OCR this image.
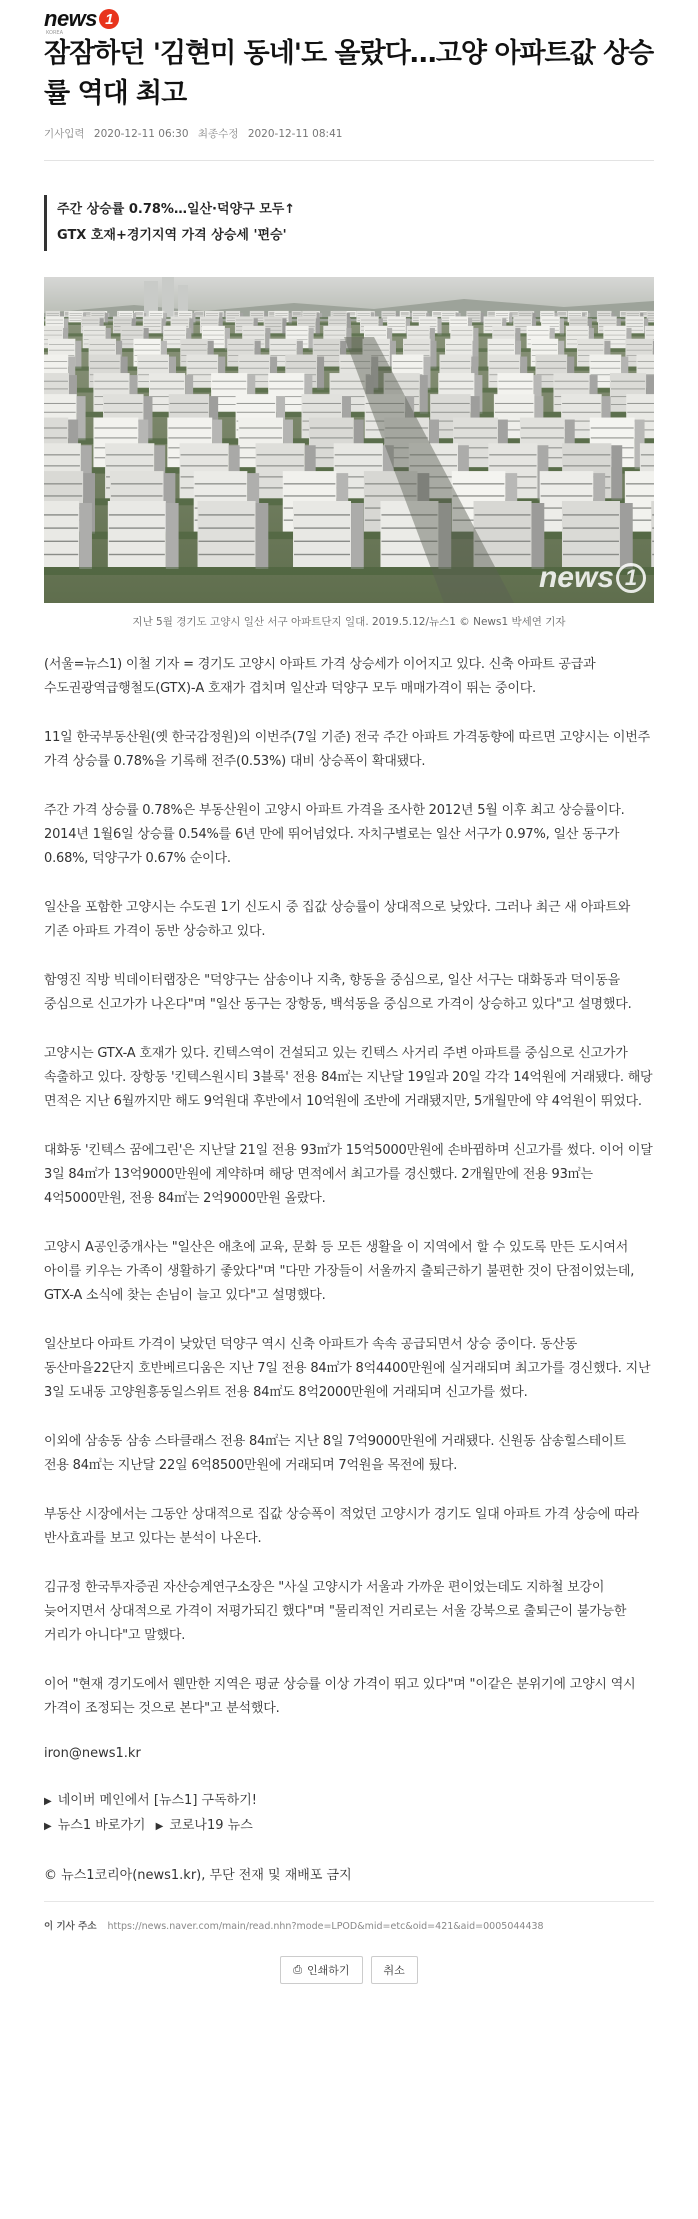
news 1
KOREA
잠잠하던 '김현미 동네'도 올랐다…고양 아파트값 상승률 역대 최고
기사입력 2020-12-11 06:30 최종수정 2020-12-11 08:41

주간 상승률 0.78%…일산·덕양구 모두↑

GTX 호재+경기지역 가격 상승세 '편승'

news 1
지난 5월 경기도 고양시 일산 서구 아파트단지 일대. 2019.5.12/뉴스1 © News1 박세연 기자

(서울=뉴스1) 이철 기자 = 경기도 고양시 아파트 가격 상승세가 이어지고 있다. 신축 아파트 공급과 수도권광역급행철도(GTX)-A 호재가 겹치며 일산과 덕양구 모두 매매가격이 뛰는 중이다.

11일 한국부동산원(옛 한국감정원)의 이번주(7일 기준) 전국 주간 아파트 가격동향에 따르면 고양시는 이번주 가격 상승률 0.78%을 기록해 전주(0.53%) 대비 상승폭이 확대됐다.

주간 가격 상승률 0.78%은 부동산원이 고양시 아파트 가격을 조사한 2012년 5월 이후 최고 상승률이다. 2014년 1월6일 상승률 0.54%를 6년 만에 뛰어넘었다. 자치구별로는 일산 서구가 0.97%, 일산 동구가 0.68%, 덕양구가 0.67% 순이다.

일산을 포함한 고양시는 수도권 1기 신도시 중 집값 상승률이 상대적으로 낮았다. 그러나 최근 새 아파트와 기존 아파트 가격이 동반 상승하고 있다.

함영진 직방 빅데이터랩장은 "덕양구는 삼송이나 지축, 향동을 중심으로, 일산 서구는 대화동과 덕이동을 중심으로 신고가가 나온다"며 "일산 동구는 장항동, 백석동을 중심으로 가격이 상승하고 있다"고 설명했다.

고양시는 GTX-A 호재가 있다. 킨텍스역이 건설되고 있는 킨텍스 사거리 주변 아파트를 중심으로 신고가가 속출하고 있다. 장항동 '킨텍스원시티 3블록' 전용 84㎡는 지난달 19일과 20일 각각 14억원에 거래됐다. 해당 면적은 지난 6월까지만 해도 9억원대 후반에서 10억원에 조반에 거래됐지만, 5개월만에 약 4억원이 뛰었다.

대화동 '킨텍스 꿈에그린'은 지난달 21일 전용 93㎡가 15억5000만원에 손바뀜하며 신고가를 썼다. 이어 이달 3일 84㎡가 13억9000만원에 계약하며 해당 면적에서 최고가를 경신했다. 2개월만에 전용 93㎡는 4억5000만원, 전용 84㎡는 2억9000만원 올랐다.

고양시 A공인중개사는 "일산은 애초에 교육, 문화 등 모든 생활을 이 지역에서 할 수 있도록 만든 도시여서 아이를 키우는 가족이 생활하기 좋았다"며 "다만 가장들이 서울까지 출퇴근하기 불편한 것이 단점이었는데, GTX-A 소식에 찾는 손님이 늘고 있다"고 설명했다.

일산보다 아파트 가격이 낮았던 덕양구 역시 신축 아파트가 속속 공급되면서 상승 중이다. 동산동 동산마을22단지 호반베르디움은 지난 7일 전용 84㎡가 8억4400만원에 실거래되며 최고가를 경신했다. 지난 3일 도내동 고양원흥동일스위트 전용 84㎡도 8억2000만원에 거래되며 신고가를 썼다.

이외에 삼송동 삼송 스타클래스 전용 84㎡는 지난 8일 7억9000만원에 거래됐다. 신원동 삼송힐스테이트 전용 84㎡는 지난달 22일 6억8500만원에 거래되며 7억원을 목전에 뒀다.

부동산 시장에서는 그동안 상대적으로 집값 상승폭이 적었던 고양시가 경기도 일대 아파트 가격 상승에 따라 반사효과를 보고 있다는 분석이 나온다.

김규정 한국투자증권 자산승계연구소장은 "사실 고양시가 서울과 가까운 편이었는데도 지하철 보강이 늦어지면서 상대적으로 가격이 저평가되긴 했다"며 "물리적인 거리로는 서울 강북으로 출퇴근이 불가능한 거리가 아니다"고 말했다.

이어 "현재 경기도에서 웬만한 지역은 평균 상승률 이상 가격이 뛰고 있다"며 "이같은 분위기에 고양시 역시 가격이 조정되는 것으로 본다"고 분석했다.

iron@news1.kr
▶ 네이버 메인에서 [뉴스1] 구독하기!
▶ 뉴스1 바로가기 ▶ 코로나19 뉴스
© 뉴스1코리아(news1.kr), 무단 전재 및 재배포 금지
이 기사 주소 https://news.naver.com/main/read.nhn?mode=LPOD&mid=etc&oid=421&aid=0005044438
⎙ 인쇄하기	취소
